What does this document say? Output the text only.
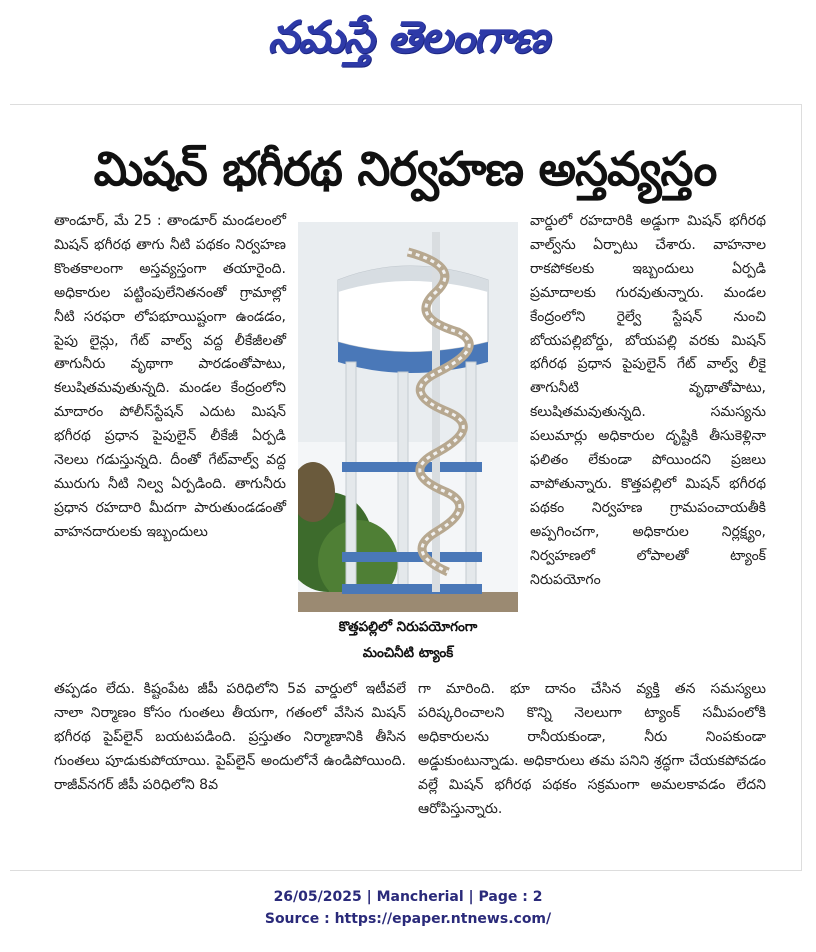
నమస్తే తెలంగాణ
మిషన్ భగీరథ నిర్వహణ అస్తవ్యస్తం

తాండూర్, మే 25 : తాండూర్ మండలంలో మిషన్ భగీరథ తాగు నీటి పథకం నిర్వహణ కొంతకాలంగా అస్తవ్యస్తంగా తయారైంది. అధికారుల పట్టింపులేనితనంతో గ్రామాల్లో నీటి సరఫరా లోపభూయిష్టంగా ఉండడం, పైపు లైన్లు, గేట్ వాల్వ్ వద్ద లీకేజీలతో తాగునీరు వృథాగా పారడంతోపాటు, కలుషితమవుతున్నది. మండల కేంద్రంలోని మాదారం పోలీస్‌స్టేషన్ ఎదుట మిషన్ భగీరథ ప్రధాన పైపులైన్ లీకేజీ ఏర్పడి నెలలు గడుస్తున్నది. దీంతో గేట్‌వాల్వ్ వద్ద మురుగు నీటి నిల్వ ఏర్పడింది. తాగునీరు ప్రధాన రహదారి మీదగా పారుతుండడంతో వాహనదారులకు ఇబ్బందులు

కొత్తపల్లిలో నిరుపయోగంగా
మంచినీటి ట్యాంక్

వార్డులో రహదారికి అడ్డుగా మిషన్ భగీరథ వాల్వ్‌ను ఏర్పాటు చేశారు. వాహనాల రాకపోకలకు ఇబ్బందులు ఏర్పడి ప్రమాదాలకు గురవుతున్నారు. మండల కేంద్రంలోని రైల్వే స్టేషన్ నుంచి బోయపల్లిబోర్డు, బోయపల్లి వరకు మిషన్ భగీరథ ప్రధాన పైపులైన్ గేట్ వాల్వ్ లీకై తాగునీటి వృథాతోపాటు, కలుషితమవుతున్నది. సమస్యను పలుమార్లు అధికారుల దృష్టికి తీసుకెళ్లినా ఫలితం లేకుండా పోయిందని ప్రజలు వాపోతున్నారు. కొత్తపల్లిలో మిషన్ భగీరథ పథకం నిర్వహణ గ్రామపంచాయతీకి అప్పగించగా, అధికారుల నిర్లక్ష్యం, నిర్వహణలో లోపాలతో ట్యాంక్ నిరుపయోగం

తప్పడం లేదు. కిష్టంపేట జీపీ పరిధిలోని 5వ వార్డులో ఇటీవలే నాలా నిర్మాణం కోసం గుంతలు తీయగా, గతంలో వేసిన మిషన్ భగీరథ పైప్‌లైన్ బయటపడింది. ప్రస్తుతం నిర్మాణానికి తీసిన గుంతలు పూడుకుపోయాయి. పైప్‌లైన్ అందులోనే ఉండిపోయింది. రాజీవ్‌నగర్ జీపీ పరిధిలోని 8వ

గా మారింది. భూ దానం చేసిన వ్యక్తి తన సమస్యలు పరిష్కరించాలని కొన్ని నెలలుగా ట్యాంక్ సమీపంలోకి అధికారులను రానీయకుండా, నీరు నింపకుండా అడ్డుకుంటున్నాడు. అధికారులు తమ పనిని శ్రద్ధగా చేయకపోవడం వల్లే మిషన్ భగీరథ పథకం సక్రమంగా అమలకావడం లేదని ఆరోపిస్తున్నారు.

26/05/2025 | Mancherial | Page : 2
Source : https://epaper.ntnews.com/
